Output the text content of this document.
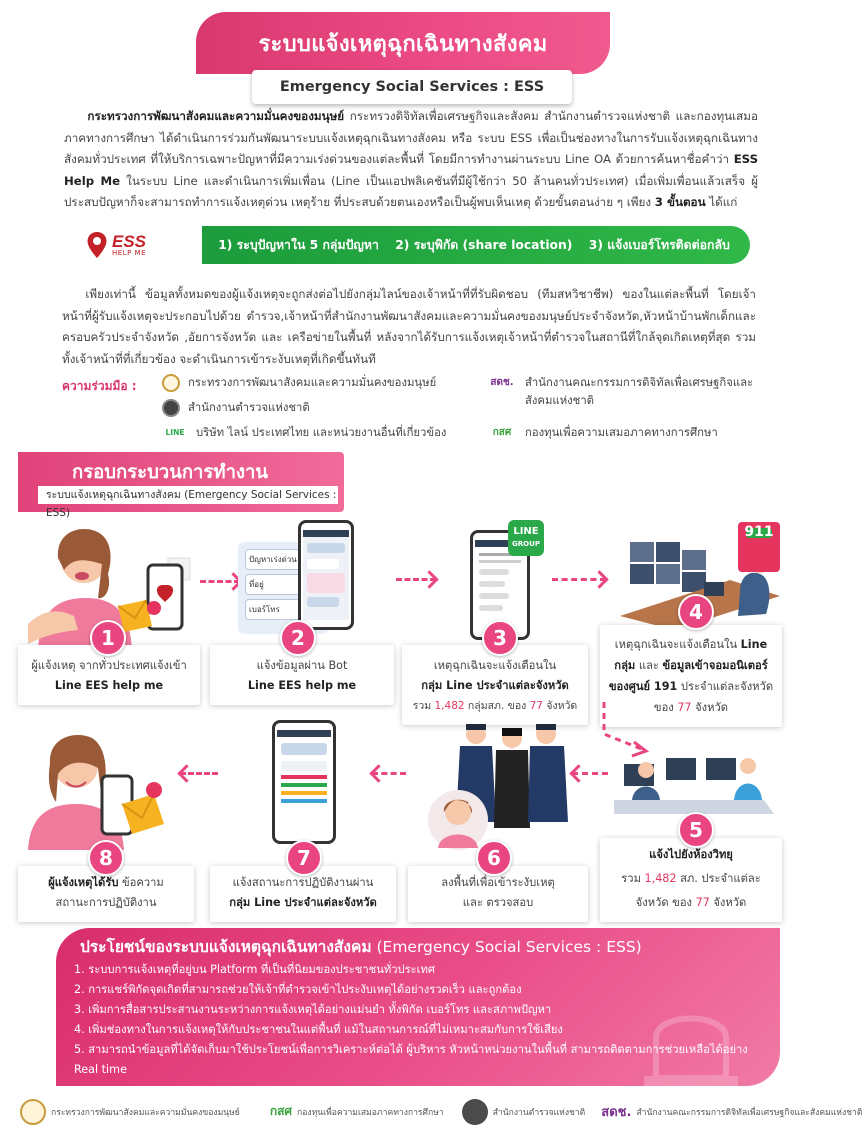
ระบบแจ้งเหตุฉุกเฉินทางสังคม
Emergency Social Services : ESS

  กระทรวงการพัฒนาสังคมและความมั่นคงของมนุษย์ กระทรวงดิจิทัลเพื่อเศรษฐกิจและสังคม สำนักงานตำรวจแห่งชาติ และกองทุนเสมอภาคทางการศึกษา ได้ดำเนินการร่วมกันพัฒนาระบบแจ้งเหตุฉุกเฉินทางสังคม หรือ ระบบ ESS เพื่อเป็นช่องทางในการรับแจ้งเหตุฉุกเฉินทางสังคมทั่วประเทศ ที่ให้บริการเฉพาะปัญหาที่มีความเร่งด่วนของแต่ละพื้นที่ โดยมีการทำงานผ่านระบบ Line OA ด้วยการค้นหาชื่อคำว่า ESS Help Me ในระบบ Line และดำเนินการเพิ่มเพื่อน (Line เป็นแอปพลิเคชันที่มีผู้ใช้กว่า 50 ล้านคนทั่วประเทศ) เมื่อเพิ่มเพื่อนแล้วเสร็จ ผู้ประสบปัญหาก็จะสามารถทำการแจ้งเหตุด่วน เหตุร้าย ที่ประสบด้วยตนเองหรือเป็นผู้พบเห็นเหตุ ด้วยขั้นตอนง่าย ๆ เพียง 3 ขั้นตอน ได้แก่

ESS
HELP ME
1) ระบุปัญหาใน 5 กลุ่มปัญหา 2) ระบุพิกัด (share location) 3) แจ้งเบอร์โทรติดต่อกลับ

  เพียงเท่านี้ ข้อมูลทั้งหมดของผู้แจ้งเหตุจะถูกส่งต่อไปยังกลุ่มไลน์ของเจ้าหน้าที่ที่รับผิดชอบ (ทีมสหวิชาชีพ) ของในแต่ละพื้นที่ โดยเจ้าหน้าที่ผู้รับแจ้งเหตุจะประกอบไปด้วย ตำรวจ,เจ้าหน้าที่สำนักงานพัฒนาสังคมและความมั่นคงของมนุษย์ประจำจังหวัด,หัวหน้าบ้านพักเด็กและครอบครัวประจำจังหวัด ,อัยการจังหวัด และ เครือข่ายในพื้นที่ หลังจากได้รับการแจ้งเหตุเจ้าหน้าที่ตำรวจในสถานีที่ใกล้จุดเกิดเหตุที่สุด รวมทั้งเจ้าหน้าที่ที่เกี่ยวข้อง จะดำเนินการเข้าระงับเหตุที่เกิดขึ้นทันที

ความร่วมมือ :	กระทรวงการพัฒนาสังคมและความมั่นคงของมนุษย์
สำนักงานตำรวจแห่งชาติ
LINE	บริษัท ไลน์ ประเทศไทย และหน่วยงานอื่นที่เกี่ยวข้อง
สดช.	สำนักงานคณะกรรมการดิจิทัลเพื่อเศรษฐกิจและสังคมแห่งชาติ
กสศ	กองทุนเพื่อความเสมอภาคทางการศึกษา
กรอบกระบวนการทำงาน
ระบบแจ้งเหตุฉุกเฉินทางสังคม (Emergency Social Services : ESS)
1
ผู้แจ้งเหตุ จากทั่วประเทศแจ้งเข้า
Line EES help me
ปัญหาเร่งด่วน
ที่อยู่
เบอร์โทร
2
แจ้งข้อมูลผ่าน Bot
Line EES help me
LINE
GROUP
3
เหตุฉุกเฉินจะแจ้งเตือนใน
กลุ่ม Line ประจำแต่ละจังหวัด
รวม 1,482 กลุ่มสภ. ของ 77 จังหวัด
911
4
เหตุฉุกเฉินจะแจ้งเตือนใน Line
กลุ่ม และ ข้อมูลเข้าจอมอนิเตอร์
ของศูนย์ 191 ประจำแต่ละจังหวัด
ของ 77 จังหวัด
5
แจ้งไปยังห้องวิทยุ
รวม 1,482 สภ. ประจำแต่ละ
จังหวัด ของ 77 จังหวัด
6
ลงพื้นที่เพื่อเข้าระงับเหตุ
และ ตรวจสอบ
7
แจ้งสถานะการปฏิบัติงานผ่าน
กลุ่ม Line ประจำแต่ละจังหวัด
8
ผู้แจ้งเหตุได้รับ ข้อความ
สถานะการปฏิบัติงาน
ประโยชน์ของระบบแจ้งเหตุฉุกเฉินทางสังคม (Emergency Social Services : ESS)
1. ระบบการแจ้งเหตุที่อยู่บน Platform ที่เป็นที่นิยมของประชาชนทั่วประเทศ
2. การแชร์พิกัดจุดเกิดที่สามารถช่วยให้เจ้าที่ตำรวจเข้าไประงับเหตุได้อย่างรวดเร็ว และถูกต้อง
3. เพิ่มการสื่อสารประสานงานระหว่างการแจ้งเหตุได้อย่างแม่นยำ ทั้งพิกัด เบอร์โทร และสภาพปัญหา
4. เพิ่มช่องทางในการแจ้งเหตุให้กับประชาชนในแต่พื้นที่ แม้ในสถานการณ์ที่ไม่เหมาะสมกับการใช้เสียง
5. สามารถนำข้อมูลที่ได้จัดเก็บมาใช้ประโยชน์เพื่อการวิเคราะห์ต่อได้ ผู้บริหาร หัวหน้าหน่วยงานในพื้นที่ สามารถติดตามการช่วยเหลือได้อย่าง Real time
กระทรวงการพัฒนาสังคมและความมั่นคงของมนุษย์	กสศ กองทุนเพื่อความเสมอภาคทางการศึกษา	สำนักงานตำรวจแห่งชาติ สดช. สำนักงานคณะกรรมการดิจิทัลเพื่อเศรษฐกิจและสังคมแห่งชาติ
